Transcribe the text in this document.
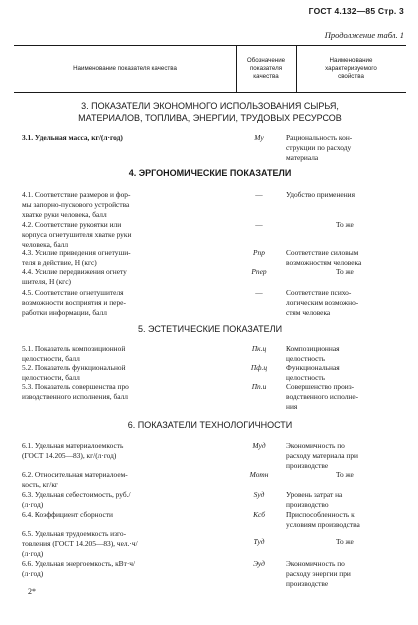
ГОСТ 4.132—85 Стр. 3
Продолжение табл. 1
Наименование показателя качества
Обозначение
показателя
качества
Наименование
характеризуемого
свойства
3. ПОКАЗАТЕЛИ ЭКОНОМНОГО ИСПОЛЬЗОВАНИЯ СЫРЬЯ,
МАТЕРИАЛОВ, ТОПЛИВА, ЭНЕРГИИ, ТРУДОВЫХ РЕСУРСОВ
3.1. Удельная масса, кг/(л·год)	Mу	Рациональность кон-
струкции по расходу
материала
4. ЭРГОНОМИЧЕСКИЕ ПОКАЗАТЕЛИ
4.1. Соответствие размеров и фор-
мы запорно-пускового устройства
хватке руки человека, балл
—	Удобство применения
4.2. Соответствие рукоятки или
корпуса огнетушителя хватке руки
человека, балл
—	То же
4.3. Усилие приведения огнетуши-
теля в действие, Н (кгс)
Pпр	Соответствие силовым
возможностям человека
4.4. Усилие передвижения огнету
шителя, Н (кгс)
Pпер	То же
4.5. Соответствие огнетушителя
возможности восприятия и пере-
работки информации, балл
—	Соответствие психо-
логическим возможно-
стям человека
5. ЭСТЕТИЧЕСКИЕ ПОКАЗАТЕЛИ
5.1. Показатель композиционной
целостности, балл
Пк.ц	Композиционная
целостность
5.2. Показатель функциональной
целостности, балл
Пф.ц	Функциональная
целостность
5.3. Показатель совершенства про
изводственного исполнения, балл
Пп.и	Совершенство произ-
водственного исполне-
ния
6. ПОКАЗАТЕЛИ ТЕХНОЛОГИЧНОСТИ
6.1. Удельная материалоемкость
(ГОСТ 14.205—83), кг/(л·год)
Mуд	Экономичность по
расходу материала при
производстве
6.2. Относительная материалоем-
кость, кг/кг
Mотн	То же
6.3. Удельная себестоимость, руб./
(л·год)
Sуд	Уровень затрат на
производство
6.4. Коэффициент сборности	Kсб	Приспособленность к
условиям производства
6.5. Удельная трудоемкость изго-
товления (ГОСТ 14.205—83), чел.·ч/
(л·год)
Tуд	То же
6.6. Удельная энергоемкость, кВт·ч/
(л·год)
Эуд	Экономичность по
расходу энергии при
производстве
2*
